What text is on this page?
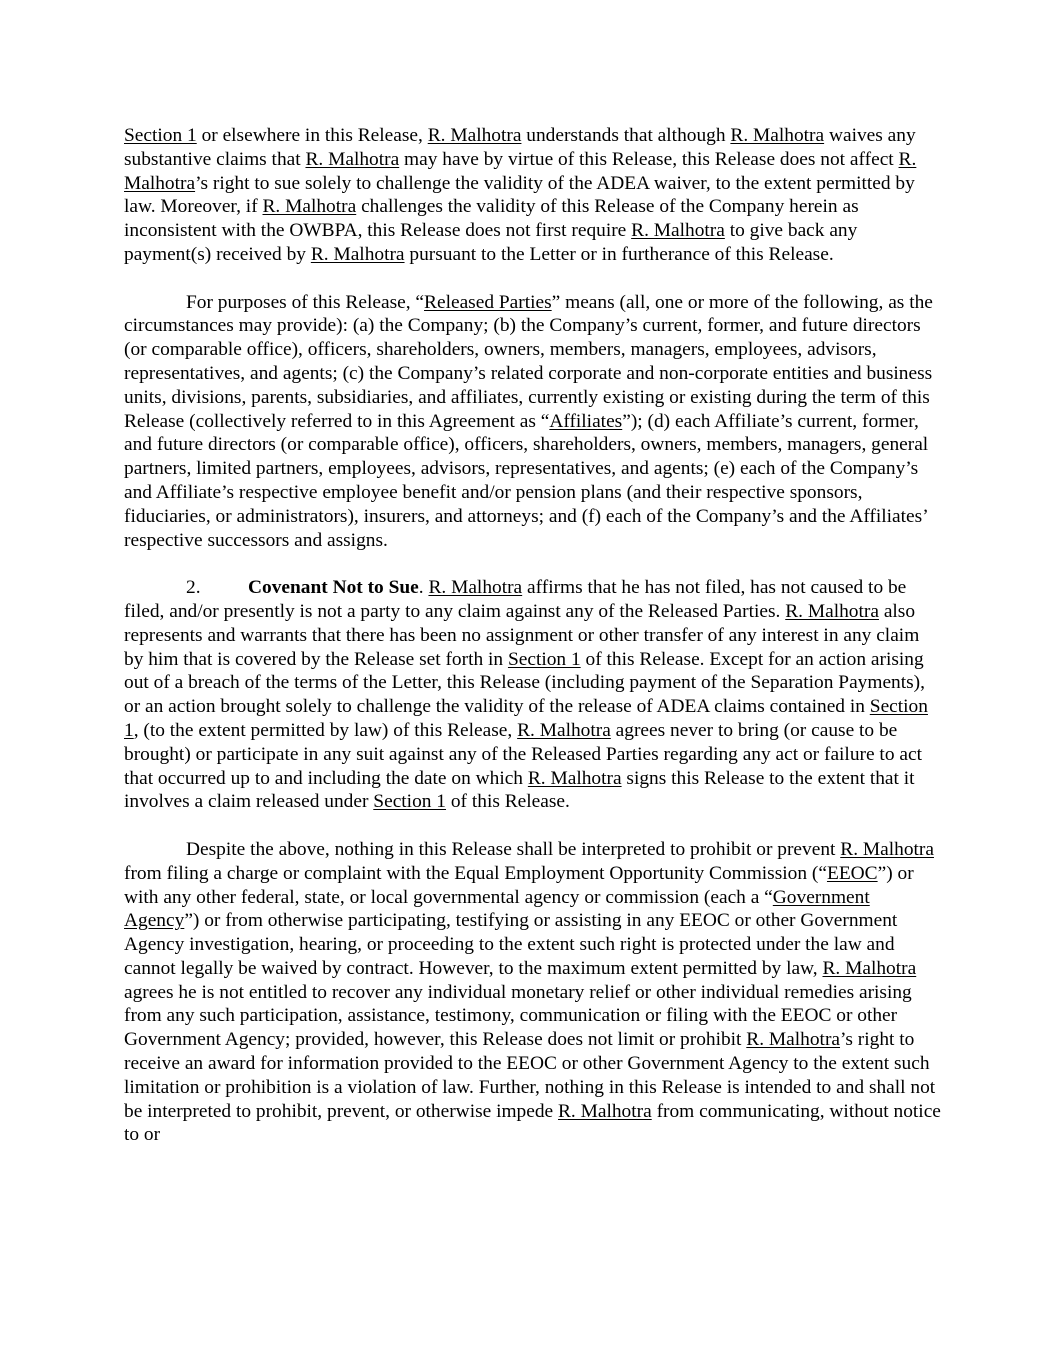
Section 1 or elsewhere in this Release, R. Malhotra understands that although R. Malhotra waives any substantive claims that R. Malhotra may have by virtue of this Release, this Release does not affect R. Malhotra’s right to sue solely to challenge the validity of the ADEA waiver, to the extent permitted by law. Moreover, if R. Malhotra challenges the validity of this Release of the Company herein as inconsistent with the OWBPA, this Release does not first require R. Malhotra to give back any payment(s) received by R. Malhotra pursuant to the Letter or in furtherance of this Release.

For purposes of this Release, “Released Parties” means (all, one or more of the following, as the circumstances may provide): (a) the Company; (b) the Company’s current, former, and future directors (or comparable office), officers, shareholders, owners, members, managers, employees, advisors, representatives, and agents; (c) the Company’s related corporate and non-corporate entities and business units, divisions, parents, subsidiaries, and affiliates, currently existing or existing during the term of this Release (collectively referred to in this Agreement as “Affiliates”); (d) each Affiliate’s current, former, and future directors (or comparable office), officers, shareholders, owners, members, managers, general partners, limited partners, employees, advisors, representatives, and agents; (e) each of the Company’s and Affiliate’s respective employee benefit and/or pension plans (and their respective sponsors, fiduciaries, or administrators), insurers, and attorneys; and (f) each of the Company’s and the Affiliates’ respective successors and assigns.

2. Covenant Not to Sue. R. Malhotra affirms that he has not filed, has not caused to be filed, and/or presently is not a party to any claim against any of the Released Parties. R. Malhotra also represents and warrants that there has been no assignment or other transfer of any interest in any claim by him that is covered by the Release set forth in Section 1 of this Release. Except for an action arising out of a breach of the terms of the Letter, this Release (including payment of the Separation Payments), or an action brought solely to challenge the validity of the release of ADEA claims contained in Section 1, (to the extent permitted by law) of this Release, R. Malhotra agrees never to bring (or cause to be brought) or participate in any suit against any of the Released Parties regarding any act or failure to act that occurred up to and including the date on which R. Malhotra signs this Release to the extent that it involves a claim released under Section 1 of this Release.

Despite the above, nothing in this Release shall be interpreted to prohibit or prevent R. Malhotra from filing a charge or complaint with the Equal Employment Opportunity Commission (“EEOC”) or with any other federal, state, or local governmental agency or commission (each a “Government Agency”) or from otherwise participating, testifying or assisting in any EEOC or other Government Agency investigation, hearing, or proceeding to the extent such right is protected under the law and cannot legally be waived by contract. However, to the maximum extent permitted by law, R. Malhotra agrees he is not entitled to recover any individual monetary relief or other individual remedies arising from any such participation, assistance, testimony, communication or filing with the EEOC or other Government Agency; provided, however, this Release does not limit or prohibit R. Malhotra’s right to receive an award for information provided to the EEOC or other Government Agency to the extent such limitation or prohibition is a violation of law. Further, nothing in this Release is intended to and shall not be interpreted to prohibit, prevent, or otherwise impede R. Malhotra from communicating, without notice to or
